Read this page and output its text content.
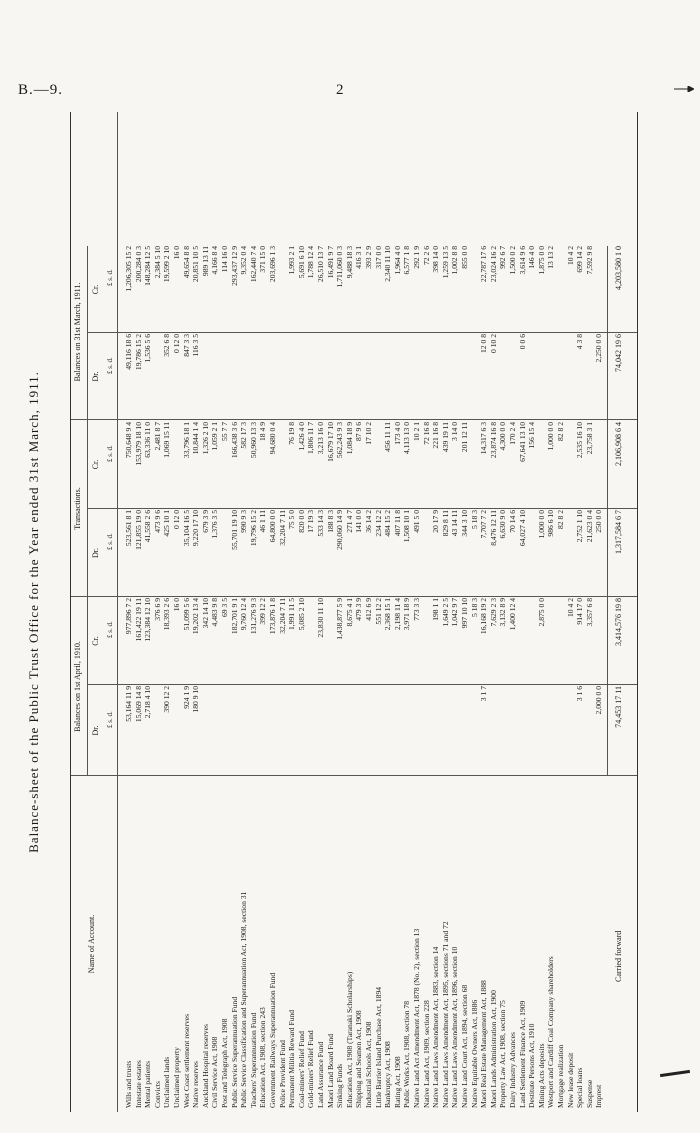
B.—9.	2
Balance-sheet of the Public Trust Office for the Year ended 31st March, 1911.
Name of Account.
Balances on 1st April, 1910.
Transactions.
Balances on 31st March, 1911.
Dr.
Cr.
Dr.
Cr.
Dr.
Cr.
£ s. d.
£ s. d.
£ s. d.
£ s. d.
£ s. d.
£ s. d.
Wills and trusts
53,164 11 9
977,896 7 2
523,561 8 1
750,648 9 4
49,116 18 6
1,206,305 15 2
Intestate estates
15,069 14 8
161,422 19 11
121,855 19 0
153,979 18 10
19,786 15 2
200,284 0 3
Mental patients
2,718 4 10
123,384 12 10
41,558 2 6
63,336 11 0
1,536 5 6
148,284 12 5
Convicts
376 6 9
473 9 6
2,481 8 7
2,384 5 10
Unclaimed lands
390 12 2
18,393 2 6
425 10 1
1,069 15 11
352 6 8
19,599 2 10
Unclaimed property
16 0
0 12 0
0 12 0
16 0
West Coast settlement reserves
924 1 9
51,099 5 6
35,104 16 5
33,796 18 1
847 3 3
49,654 8 8
Native reserves
180 9 10
19,202 13 4
9,220 17 10
10,844 1 4
116 3 5
20,851 10 5
Auckland Hospital reserves
342 14 10
679 3 9
1,326 2 10
989 13 11
Civil Service Act, 1908
4,483 9 8
1,376 3 5
1,059 2 1
4,166 8 4
Post and Telegraph Act, 1908
69 3 5
55 7 7
114 16 0
Public Service Superannuation Fund
182,701 9 1
55,701 19 10
166,438 3 6
293,437 12 9
Public Service Classification and Superannuation Act, 1908, section 31
9,760 12 4
990 9 3
582 17 3
9,352 0 4
Teachers' Superannuation Fund
131,276 9 3
19,796 15 2
50,960 13 3
162,440 7 4
Education Act, 1908, section 243
399 12 2
46 1 11
18 4 9
371 15 0
Government Railways Superannuation Fund
173,876 1 8
64,800 0 0
94,680 0 4
203,696 1 3
Police Provident Fund
32,204 7 11
32,204 7 11
Permanent Militia Reward Fund
1,991 11 5
75 5 0
76 19 8
1,993 2 1
Coal-miners' Relief Fund
5,085 2 10
820 0 0
1,426 4 0
5,691 6 10
Gold-miners' Relief Fund
17 19 3
1,806 11 7
1,788 12 4
Land Assurance Fund
23,830 11 10
533 14 3
3,213 16 0
26,510 13 7
Maori Land Board Fund
188 8 3
16,679 17 10
16,491 9 7
Sinking Funds
1,438,877 5 9
290,060 14 9
562,243 9 3
1,711,060 0 3
Education Act, 1908 (Taranaki Scholarships)
8,675 4 1
271 4 7
1,084 18 9
9,488 18 3
Shipping and Seamen Act, 1908
479 3 9
141 0 0
87 9 6
416 3 1
Industrial Schools Act, 1908
412 6 9
36 14 2
17 10 2
393 2 9
Little Barrier Island Purchase Act, 1894
551 12 2
234 12 2
317 0 0
Bankruptcy Act, 1908
2,368 15 1
484 15 2
456 11 11
2,340 11 10
Rating Act, 1908
2,198 11 4
407 11 8
173 4 0
1,964 4 0
Public Works Act, 1908, section 78
3,971 18 9
1,508 10 1
4,113 13 0
6,577 1 8
Native Land Act Amendment Act, 1878 (No. 2), section 13
773 3 3
491 5 0
10 2 1
292 1 9
Native Land Act, 1909, section 228
72 16 8
72 2 6
Native Land Laws Amendment Act, 1883, section 14
198 1 1
20 17 9
221 16 8
398 14 0
Native Land Laws Amendment Act, 1895, sections 71 and 72
1,649 2 5
829 8 11
439 19 11
1,259 13 5
Native Land Laws Amendment Act, 1896, section 10
1,042 9 7
43 14 11
3 14 0
1,002 8 8
Native Land Court Act, 1894, section 68
997 10 10
344 3 10
201 12 11
855 0 0
Native Equitable Owners Act, 1886
5 18 3
5 18 3
Maori Real Estate Management Act, 1888
3 1 7
16,168 19 2
7,707 7 2
14,317 6 3
12 0 8
22,787 17 6
Maori Lands Administration Act, 1900
7,629 2 3
8,476 12 11
23,874 16 8
0 10 2
23,024 16 2
Property Law Act, 1908, section 75
3,132 8 9
6,630 9 0
4,300 0 0
992 6 7
Dairy Industry Advances
1,400 12 4
70 14 6
170 2 4
1,500 0 2
Land Settlement Finance Act, 1909
64,027 4 10
67,641 13 10
0 0 6
3,614 9 6
Destitute Persons Act, 1910
156 15 4
146 4 0
Mining Acts deposits
2,875 0 0
1,000 0 0
1,875 0 0
Westport and Cardiff Coal Company shareholders
986 6 10
1,000 0 0
13 13 2
Mortgage realization
82 8 2
82 8 2
New lease deposit
10 4 2
10 4 2
Special loans
3 1 6
914 17 0
2,752 1 10
2,535 16 10
4 3 8
699 14 2
Suspense
3,357 6 8
21,623 0 4
23,758 3 1
7,592 9 8
Imprest
2,000 0 0
250 0 0
2,250 0 0
Carried forward
74,453 17 11
3,414,576 19 8
1,317,584 6 7
2,106,908 6 4
74,042 19 6
4,203,580 1 0
